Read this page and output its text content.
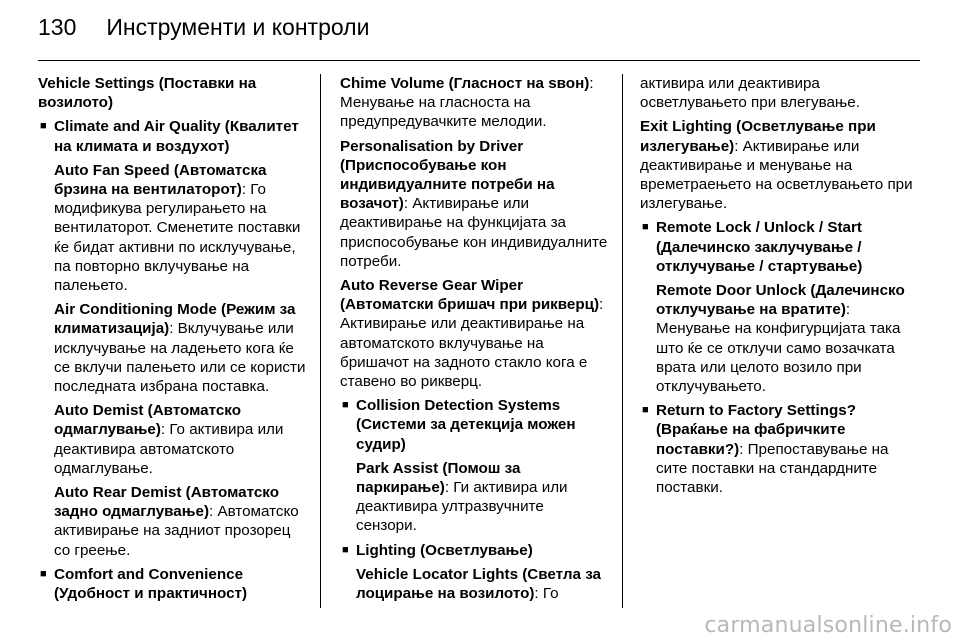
130 Инструменти и контроли

Vehicle Settings (Поставки на возилото)

■ Climate and Air Quality (Квалитет на климата и воздухот)

Auto Fan Speed (Автоматска брзина на вентилаторот): Го модификува регулирањето на вентилаторот. Сменетите поставки ќе бидат активни по исклучување, па повторно вклучување на палењето.

Air Conditioning Mode (Режим за климатизација): Вклучување или исклучување на ладењето кога ќе се вклучи палењето или се користи последната избрана поставка.

Auto Demist (Автоматско одмаглување): Го активира или деактивира автоматското одмаглување.

Auto Rear Demist (Автоматско задно одмаглување): Автоматско активирање на задниот прозорец со греење.

■ Comfort and Convenience (Удобност и практичност)

Chime Volume (Гласност на ѕвон): Менување на гласноста на предупредувачките мелодии.

Personalisation by Driver (Приспособување кон индивидуалните потреби на возачот): Активирање или деактивирање на функцијата за приспособување кон индивидуалните потреби.

Auto Reverse Gear Wiper (Автоматски бришач при рикверц): Активирање или деактивирање на автоматското вклучување на бришачот на задното стакло кога е ставено во рикверц.

■ Collision Detection Systems (Системи за детекција можен судир)

Park Assist (Помош за паркирање): Ги активира или деактивира ултразвучните сензори.

■ Lighting (Осветлување)

Vehicle Locator Lights (Светла за лоцирање на возилото): Го

активира или деактивира осветлувањето при влегување.

Exit Lighting (Осветлување при излегување): Активирање или деактивирање и менување на времетраењето на осветлувањето при излегување.

■ Remote Lock / Unlock / Start (Далечинско заклучување / отклучување / стартување)

Remote Door Unlock (Далечинско отклучување на вратите): Менување на конфигурцијата така што ќе се отклучи само возачката врата или целото возило при отклучувањето.

■ Return to Factory Settings? (Враќање на фабричките поставки?): Препоставување на сите поставки на стандардните поставки.
carmanualsonline.info
